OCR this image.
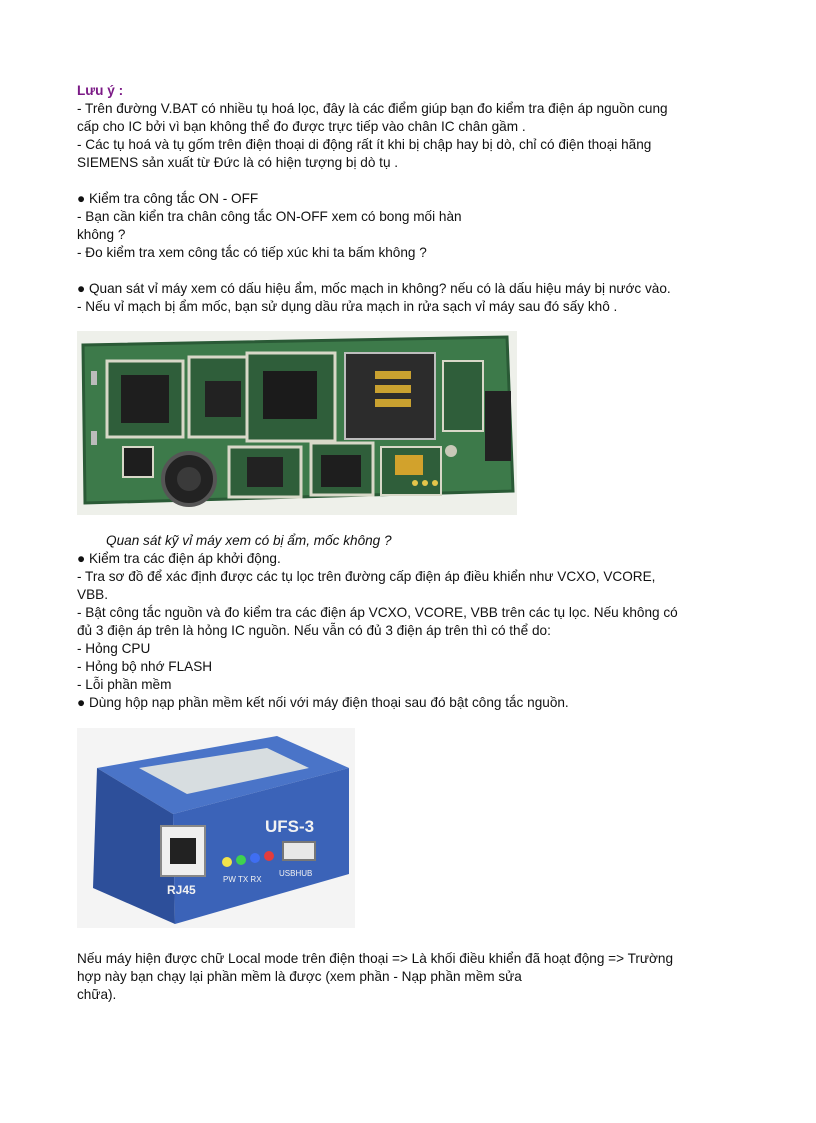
Lưu ý :
- Trên đường V.BAT có nhiều tụ hoá lọc, đây là các điểm giúp bạn đo kiểm tra điện áp nguồn cung
cấp cho IC bởi vì bạn không thể đo được trực tiếp vào chân IC chân gầm .
- Các tụ hoá và tụ gốm trên điện thoại di động rất ít khi bị chập hay bị dò, chỉ có điện thoại hãng
SIEMENS sản xuất từ Đức là có hiện tượng bị dò tụ .
● Kiểm tra công tắc ON - OFF
- Bạn cần kiển tra chân công tắc ON-OFF xem có bong mối hàn
không ?
- Đo kiểm tra xem công tắc có tiếp xúc khi ta bấm không ?
● Quan sát vỉ máy xem có dấu hiệu ẩm, mốc mạch in không? nếu có là dấu hiệu máy bị nước vào.
- Nếu vỉ mạch bị ẩm mốc, bạn sử dụng dầu rửa mạch in rửa sạch vỉ máy sau đó sấy khô .
Quan sát kỹ vỉ máy xem có bị ẩm, mốc không ?
● Kiểm tra các điện áp khởi động.
- Tra sơ đồ để xác định được các tụ lọc trên đường cấp điện áp điều khiển như VCXO, VCORE,
VBB.
- Bật công tắc nguồn và đo kiểm tra các điện áp VCXO, VCORE, VBB trên các tụ lọc. Nếu không có
đủ 3 điện áp trên là hỏng IC nguồn. Nếu vẫn có đủ 3 điện áp trên thì có thể do:
- Hỏng CPU
- Hỏng bộ nhớ FLASH
- Lỗi phần mềm
● Dùng hộp nạp phần mềm kết nối với máy điện thoại sau đó bật công tắc nguồn.
UFS-3
RJ45
PW TX RX
USBHUB
Nếu máy hiện được chữ Local mode trên điện thoại => Là khối điều khiển đã hoạt động => Trường
hợp này bạn chạy lại phần mềm là được (xem phần - Nạp phần mềm sửa
chữa).
